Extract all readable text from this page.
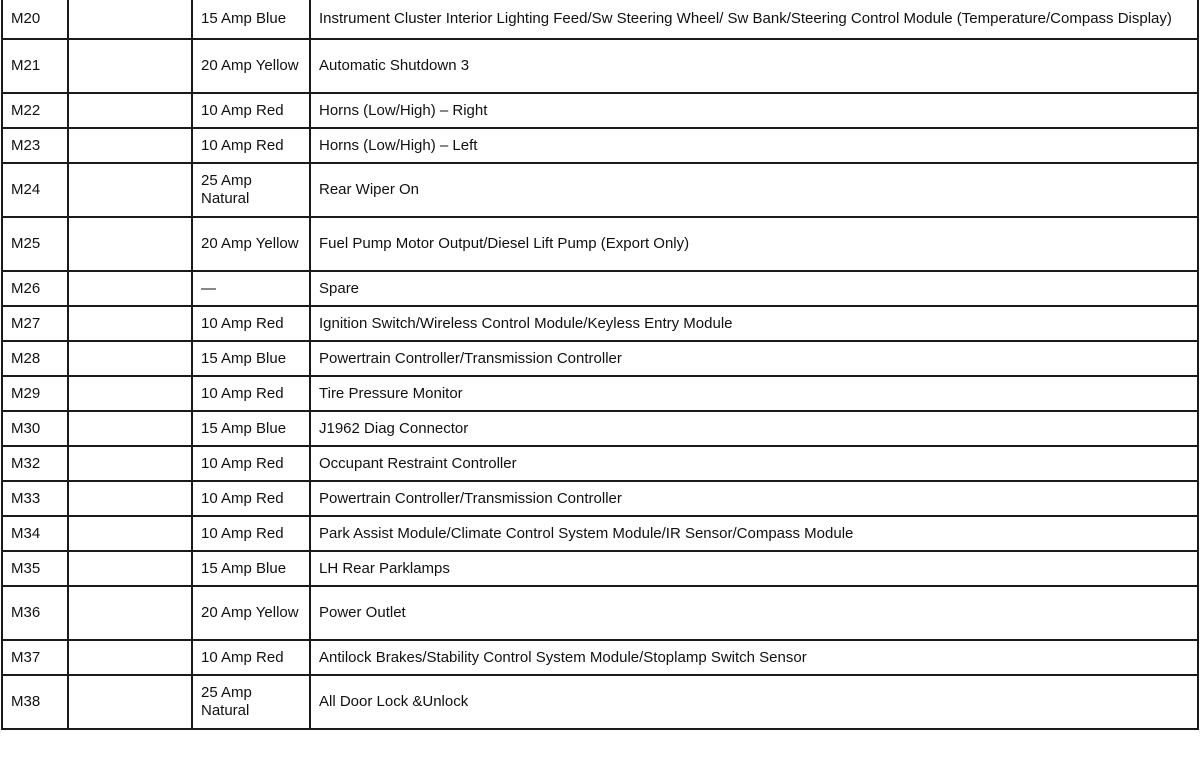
M20		15 Amp Blue	Instrument Cluster Interior Lighting Feed/Sw Steering Wheel/ Sw Bank/Steering Control Module (Temperature/Compass Display)
M21		20 Amp Yellow	Automatic Shutdown 3
M22		10 Amp Red	Horns (Low/High) – Right
M23		10 Amp Red	Horns (Low/High) – Left
M24		25 Amp Natural	Rear Wiper On
M25		20 Amp Yellow	Fuel Pump Motor Output/Diesel Lift Pump (Export Only)
M26		—	Spare
M27		10 Amp Red	Ignition Switch/Wireless Control Module/Keyless Entry Module
M28		15 Amp Blue	Powertrain Controller/Transmission Controller
M29		10 Amp Red	Tire Pressure Monitor
M30		15 Amp Blue	J1962 Diag Connector
M32		10 Amp Red	Occupant Restraint Controller
M33		10 Amp Red	Powertrain Controller/Transmission Controller
M34		10 Amp Red	Park Assist Module/Climate Control System Module/IR Sensor/Compass Module
M35		15 Amp Blue	LH Rear Parklamps
M36		20 Amp Yellow	Power Outlet
M37		10 Amp Red	Antilock Brakes/Stability Control System Module/Stoplamp Switch Sensor
M38		25 Amp Natural	All Door Lock &Unlock
